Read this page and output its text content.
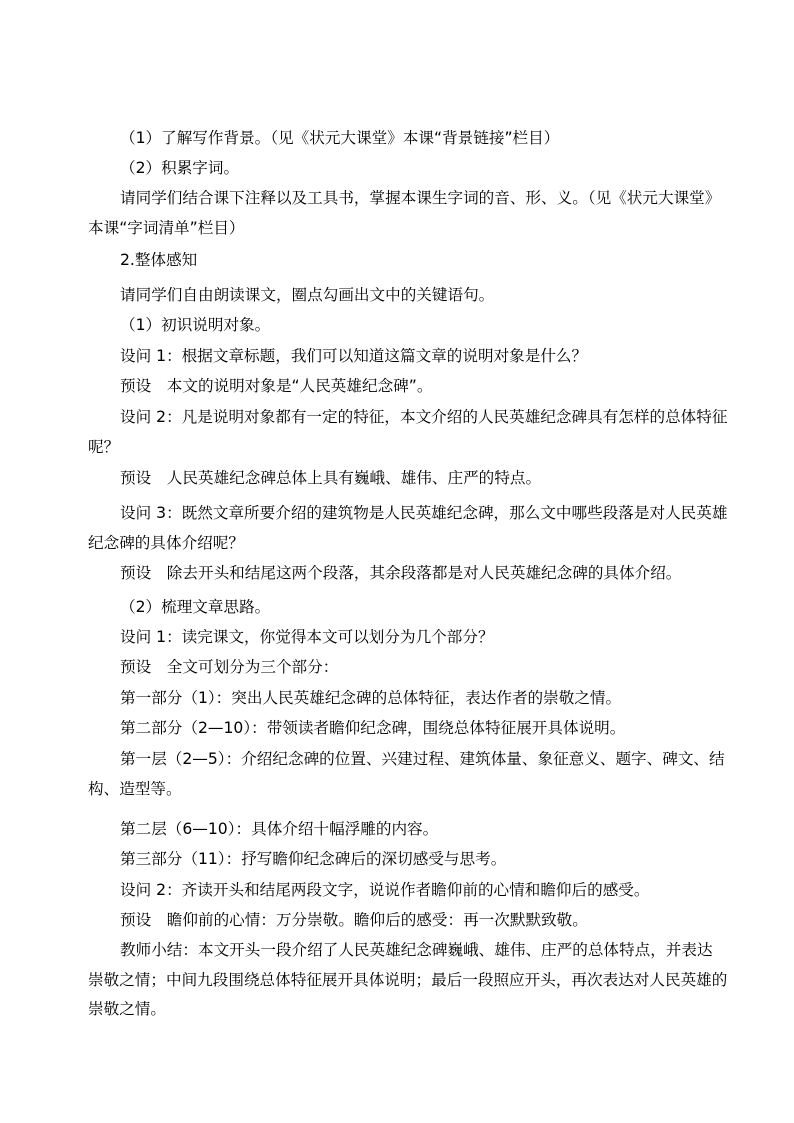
（1）了解写作背景。（见《状元大课堂》本课“背景链接”栏目）

（2）积累字词。

请同学们结合课下注释以及工具书，掌握本课生字词的音、形、义。（见《状元大课堂》本课“字词清单”栏目）

2.整体感知

请同学们自由朗读课文，圈点勾画出文中的关键语句。

（1）初识说明对象。

设问 1：根据文章标题，我们可以知道这篇文章的说明对象是什么？

预设　本文的说明对象是“人民英雄纪念碑”。

设问 2：凡是说明对象都有一定的特征，本文介绍的人民英雄纪念碑具有怎样的总体特征呢？

预设　人民英雄纪念碑总体上具有巍峨、雄伟、庄严的特点。

设问 3：既然文章所要介绍的建筑物是人民英雄纪念碑，那么文中哪些段落是对人民英雄纪念碑的具体介绍呢？

预设　除去开头和结尾这两个段落，其余段落都是对人民英雄纪念碑的具体介绍。

（2）梳理文章思路。

设问 1：读完课文，你觉得本文可以划分为几个部分？

预设　全文可划分为三个部分：

第一部分（1）：突出人民英雄纪念碑的总体特征，表达作者的崇敬之情。

第二部分（2—10）：带领读者瞻仰纪念碑，围绕总体特征展开具体说明。

第一层（2—5）：介绍纪念碑的位置、兴建过程、建筑体量、象征意义、题字、碑文、结构、造型等。

第二层（6—10）：具体介绍十幅浮雕的内容。

第三部分（11）：抒写瞻仰纪念碑后的深切感受与思考。

设问 2：齐读开头和结尾两段文字，说说作者瞻仰前的心情和瞻仰后的感受。

预设　瞻仰前的心情：万分崇敬。瞻仰后的感受：再一次默默致敬。

教师小结：本文开头一段介绍了人民英雄纪念碑巍峨、雄伟、庄严的总体特点，并表达崇敬之情；中间九段围绕总体特征展开具体说明；最后一段照应开头，再次表达对人民英雄的崇敬之情。
